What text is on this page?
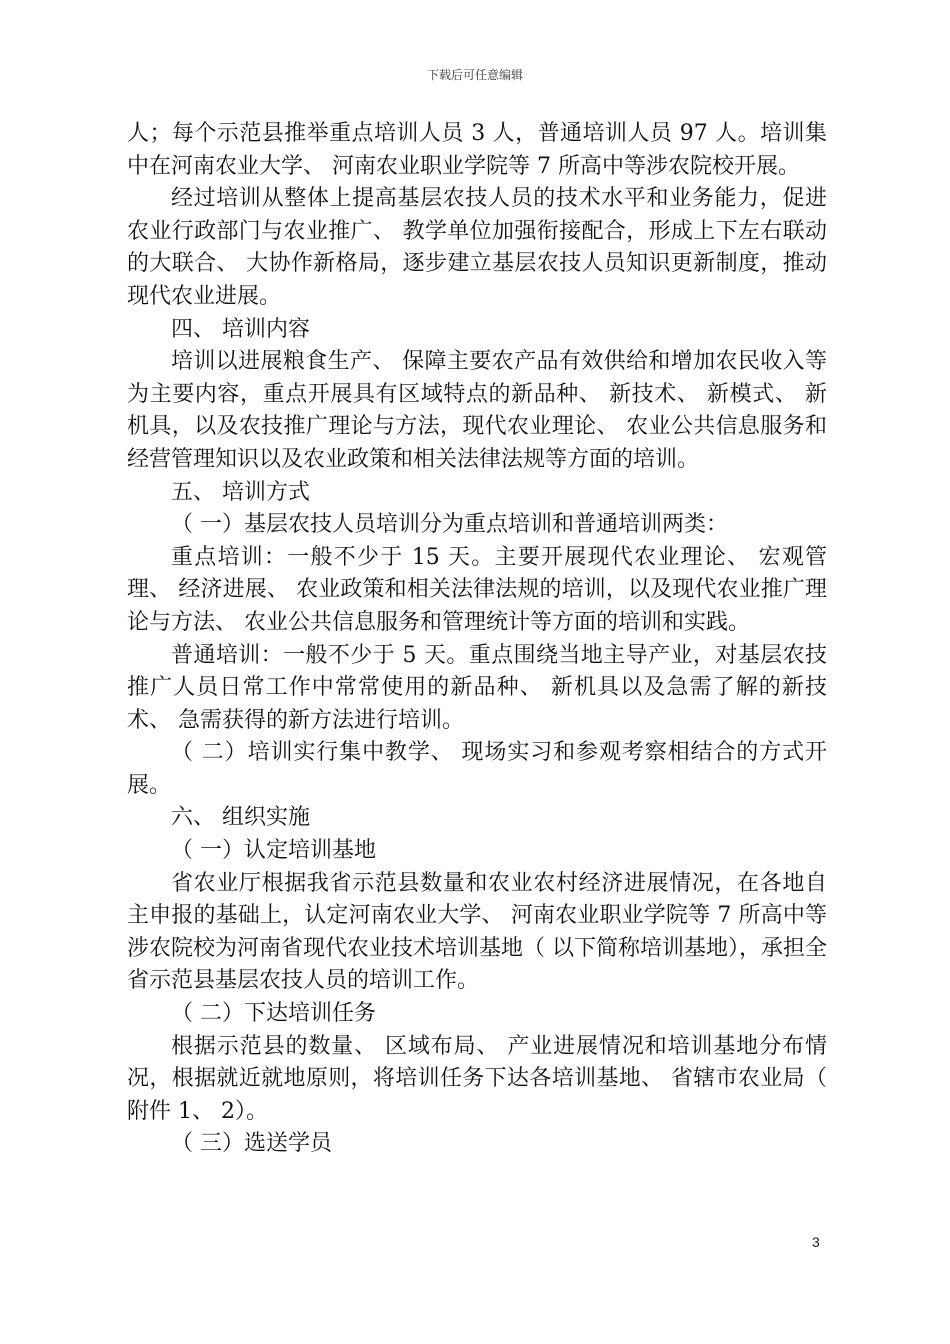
下载后可任意编辑

人；每个示范县推举重点培训人员 3 人，普通培训人员 97 人。培训集中在河南农业大学、 河南农业职业学院等 7 所高中等涉农院校开展。

经过培训从整体上提高基层农技人员的技术水平和业务能力，促进农业行政部门与农业推广、 教学单位加强衔接配合，形成上下左右联动的大联合、 大协作新格局，逐步建立基层农技人员知识更新制度，推动现代农业进展。

四、 培训内容

培训以进展粮食生产、 保障主要农产品有效供给和增加农民收入等为主要内容，重点开展具有区域特点的新品种、 新技术、 新模式、 新机具，以及农技推广理论与方法，现代农业理论、 农业公共信息服务和经营管理知识以及农业政策和相关法律法规等方面的培训。

五、 培训方式

（ 一）基层农技人员培训分为重点培训和普通培训两类：

重点培训：一般不少于 15 天。主要开展现代农业理论、 宏观管理、 经济进展、 农业政策和相关法律法规的培训，以及现代农业推广理论与方法、 农业公共信息服务和管理统计等方面的培训和实践。

普通培训：一般不少于 5 天。重点围绕当地主导产业，对基层农技推广人员日常工作中常常使用的新品种、 新机具以及急需了解的新技术、 急需获得的新方法进行培训。

（ 二）培训实行集中教学、 现场实习和参观考察相结合的方式开展。

六、 组织实施

（ 一）认定培训基地

省农业厅根据我省示范县数量和农业农村经济进展情况，在各地自主申报的基础上，认定河南农业大学、 河南农业职业学院等 7 所高中等涉农院校为河南省现代农业技术培训基地（ 以下简称培训基地），承担全省示范县基层农技人员的培训工作。

（ 二）下达培训任务

根据示范县的数量、 区域布局、 产业进展情况和培训基地分布情况，根据就近就地原则，将培训任务下达各培训基地、 省辖市农业局（ 附件 1、 2）。

（ 三）选送学员

3
